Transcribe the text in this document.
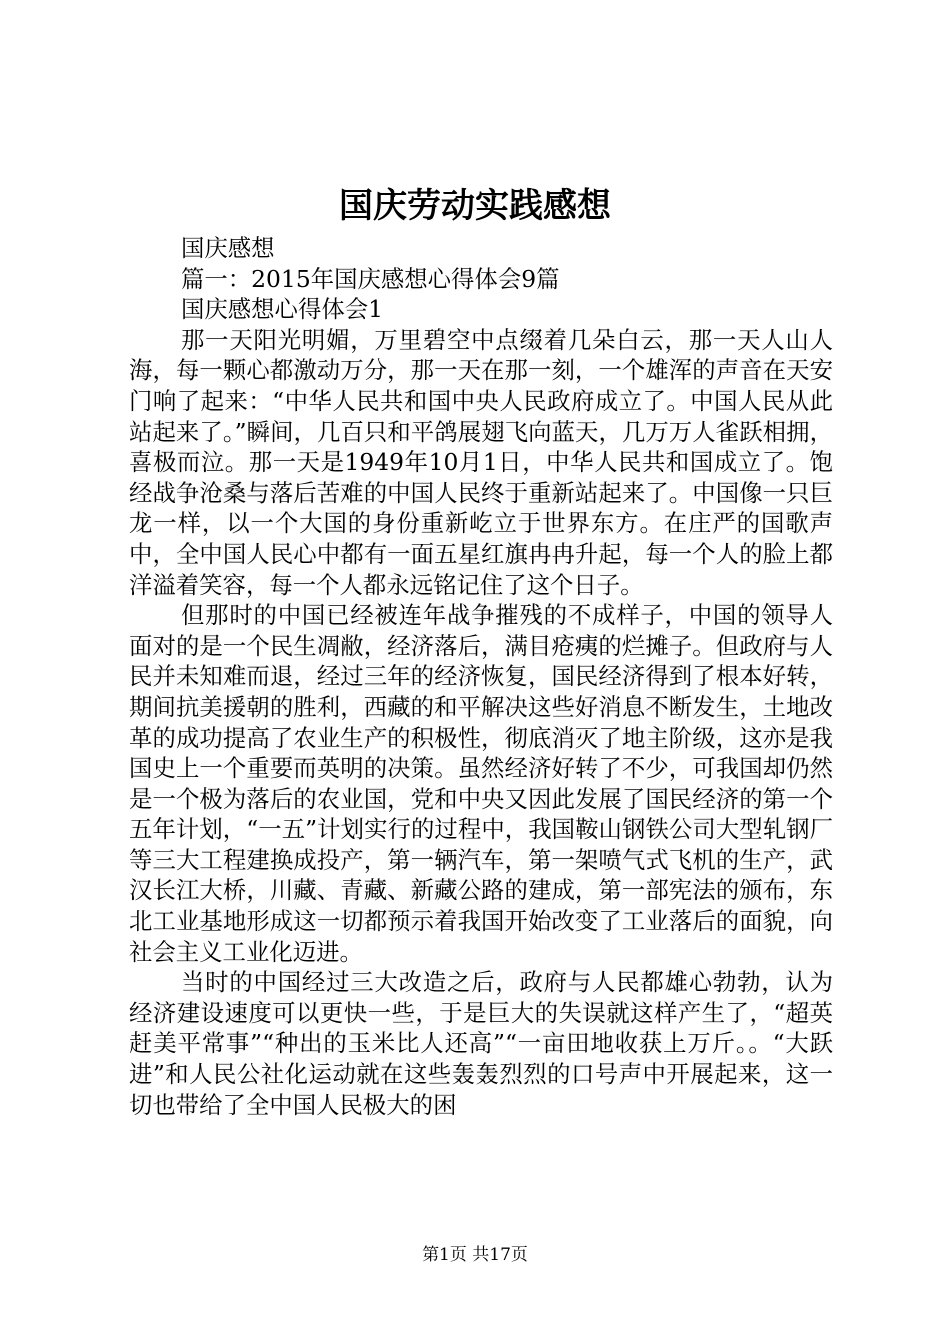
国庆劳动实践感想

国庆感想

篇一：2015年国庆感想心得体会9篇

国庆感想心得体会1

那一天阳光明媚，万里碧空中点缀着几朵白云，那一天人山人海，每一颗心都激动万分，那一天在那一刻，一个雄浑的声音在天安门响了起来：“中华人民共和国中央人民政府成立了。中国人民从此站起来了。”瞬间，几百只和平鸽展翅飞向蓝天，几万万人雀跃相拥，喜极而泣。那一天是1949年10月1日，中华人民共和国成立了。饱经战争沧桑与落后苦难的中国人民终于重新站起来了。中国像一只巨龙一样，以一个大国的身份重新屹立于世界东方。在庄严的国歌声中，全中国人民心中都有一面五星红旗冉冉升起，每一个人的脸上都洋溢着笑容，每一个人都永远铭记住了这个日子。

但那时的中国已经被连年战争摧残的不成样子，中国的领导人面对的是一个民生凋敝，经济落后，满目疮痍的烂摊子。但政府与人民并未知难而退，经过三年的经济恢复，国民经济得到了根本好转，期间抗美援朝的胜利，西藏的和平解决这些好消息不断发生，土地改革的成功提高了农业生产的积极性，彻底消灭了地主阶级，这亦是我国史上一个重要而英明的决策。虽然经济好转了不少，可我国却仍然是一个极为落后的农业国，党和中央又因此发展了国民经济的第一个五年计划，“一五”计划实行的过程中，我国鞍山钢铁公司大型轧钢厂等三大工程建换成投产，第一辆汽车，第一架喷气式飞机的生产，武汉长江大桥，川藏、青藏、新藏公路的建成，第一部宪法的颁布，东北工业基地形成这一切都预示着我国开始改变了工业落后的面貌，向社会主义工业化迈进。

当时的中国经过三大改造之后，政府与人民都雄心勃勃，认为经济建设速度可以更快一些，于是巨大的失误就这样产生了，“超英赶美平常事”“种出的玉米比人还高”“一亩田地收获上万斤。。“大跃进”和人民公社化运动就在这些轰轰烈烈的口号声中开展起来，这一切也带给了全中国人民极大的困

第1页 共17页
